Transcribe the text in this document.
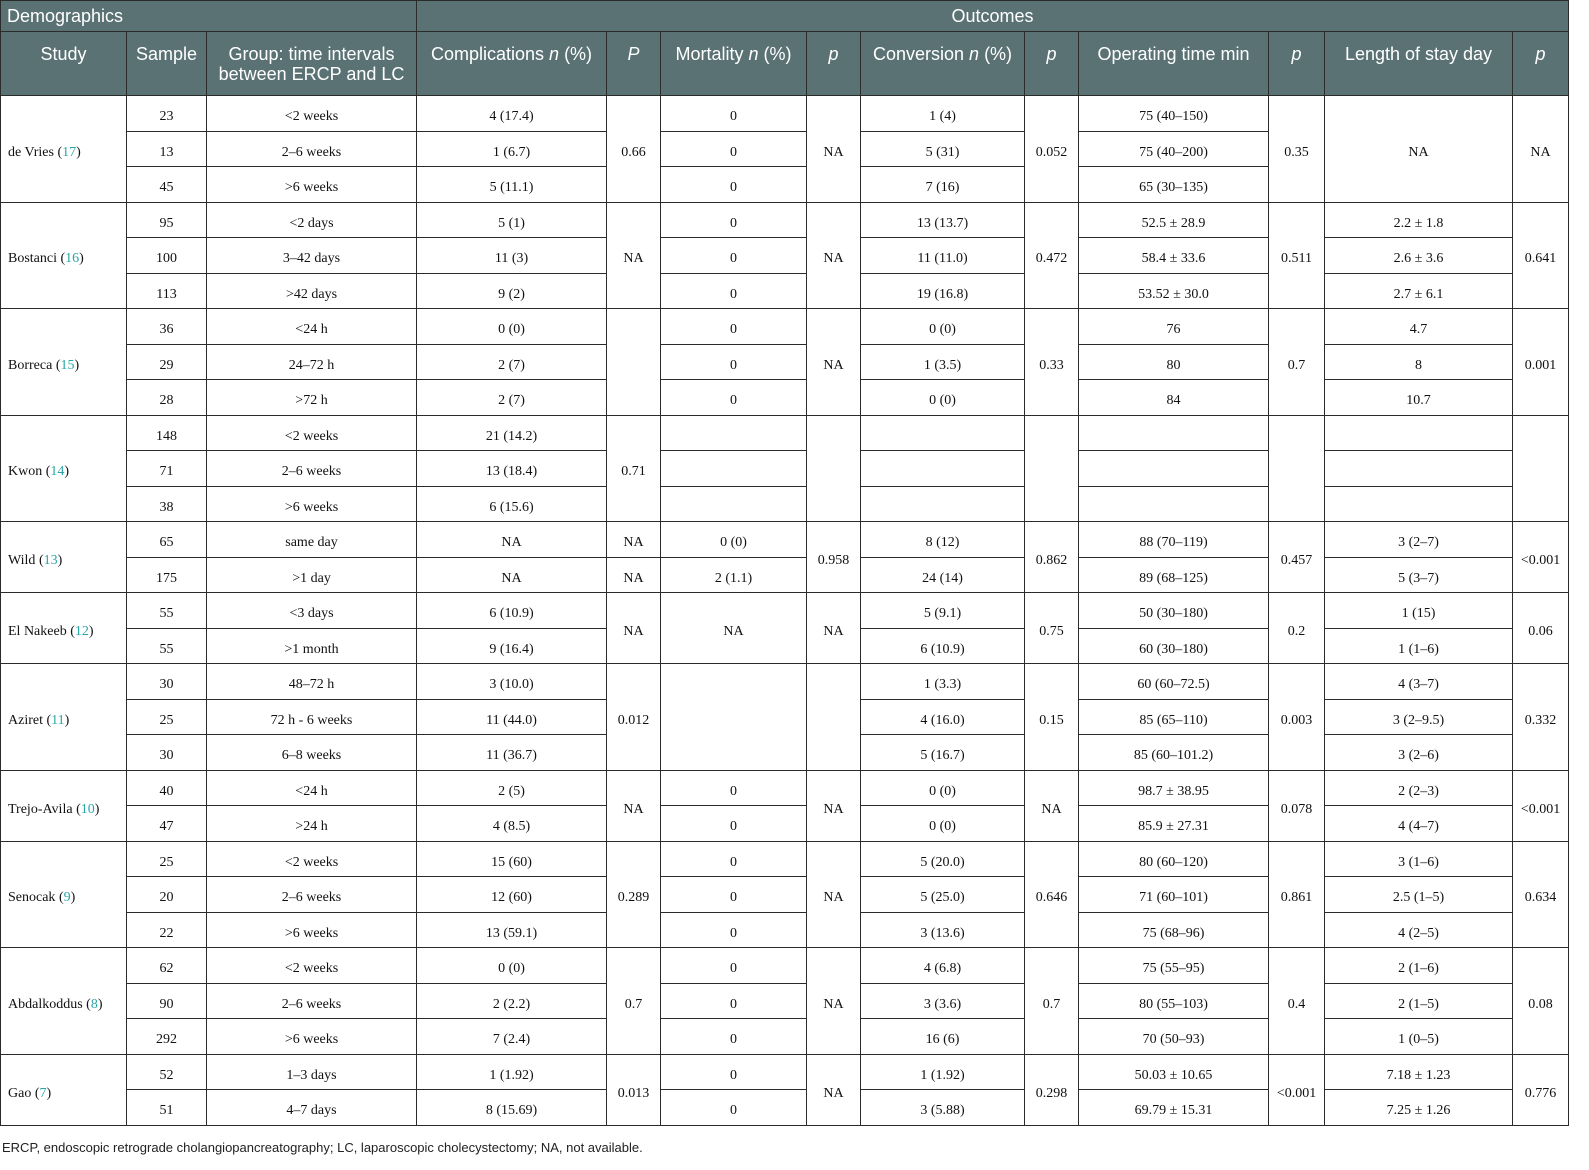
Demographics			Outcomes									
Study	Sample	Group: time intervals between ERCP and LC	Complications n (%)	P	Mortality n (%)	p	Conversion n (%)	p	Operating time min	p	Length of stay day	p
de Vries (17)	23	<2 weeks	4 (17.4)	0.66	0	NA	1 (4)	0.052	75 (40–150)	0.35	NA	NA
	13	2–6 weeks	1 (6.7)		0		5 (31)		75 (40–200)			
	45	>6 weeks	5 (11.1)		0		7 (16)		65 (30–135)			
Bostanci (16)	95	<2 days	5 (1)	NA	0	NA	13 (13.7)	0.472	52.5 ± 28.9	0.511	2.2 ± 1.8	0.641
	100	3–42 days	11 (3)		0		11 (11.0)		58.4 ± 33.6		2.6 ± 3.6	
	113	>42 days	9 (2)		0		19 (16.8)		53.52 ± 30.0		2.7 ± 6.1	
Borreca (15)	36	<24 h	0 (0)		0	NA	0 (0)	0.33	76	0.7	4.7	0.001
	29	24–72 h	2 (7)		0		1 (3.5)		80		8	
	28	>72 h	2 (7)		0		0 (0)		84		10.7	
Kwon (14)	148	<2 weeks	21 (14.2)	0.71								
	71	2–6 weeks	13 (18.4)									
	38	>6 weeks	6 (15.6)									
Wild (13)	65	same day	NA	NA	0 (0)	0.958	8 (12)	0.862	88 (70–119)	0.457	3 (2–7)	<0.001
	175	>1 day	NA	NA	2 (1.1)		24 (14)		89 (68–125)		5 (3–7)	
El Nakeeb (12)	55	<3 days	6 (10.9)	NA	NA	NA	5 (9.1)	0.75	50 (30–180)	0.2	1 (15)	0.06
	55	>1 month	9 (16.4)				6 (10.9)		60 (30–180)		1 (1–6)	
Aziret (11)	30	48–72 h	3 (10.0)	0.012			1 (3.3)	0.15	60 (60–72.5)	0.003	4 (3–7)	0.332
	25	72 h - 6 weeks	11 (44.0)				4 (16.0)		85 (65–110)		3 (2–9.5)	
	30	6–8 weeks	11 (36.7)				5 (16.7)		85 (60–101.2)		3 (2–6)	
Trejo-Avila (10)	40	<24 h	2 (5)	NA	0	NA	0 (0)	NA	98.7 ± 38.95	0.078	2 (2–3)	<0.001
	47	>24 h	4 (8.5)		0		0 (0)		85.9 ± 27.31		4 (4–7)	
Senocak (9)	25	<2 weeks	15 (60)	0.289	0	NA	5 (20.0)	0.646	80 (60–120)	0.861	3 (1–6)	0.634
	20	2–6 weeks	12 (60)		0		5 (25.0)		71 (60–101)		2.5 (1–5)	
	22	>6 weeks	13 (59.1)		0		3 (13.6)		75 (68–96)		4 (2–5)	
Abdalkoddus (8)	62	<2 weeks	0 (0)	0.7	0	NA	4 (6.8)	0.7	75 (55–95)	0.4	2 (1–6)	0.08
	90	2–6 weeks	2 (2.2)		0		3 (3.6)		80 (55–103)		2 (1–5)	
	292	>6 weeks	7 (2.4)		0		16 (6)		70 (50–93)		1 (0–5)	
Gao (7)	52	1–3 days	1 (1.92)	0.013	0	NA	1 (1.92)	0.298	50.03 ± 10.65	<0.001	7.18 ± 1.23	0.776
	51	4–7 days	8 (15.69)		0		3 (5.88)		69.79 ± 15.31		7.25 ± 1.26	
ERCP, endoscopic retrograde cholangiopancreatography; LC, laparoscopic cholecystectomy; NA, not available.
